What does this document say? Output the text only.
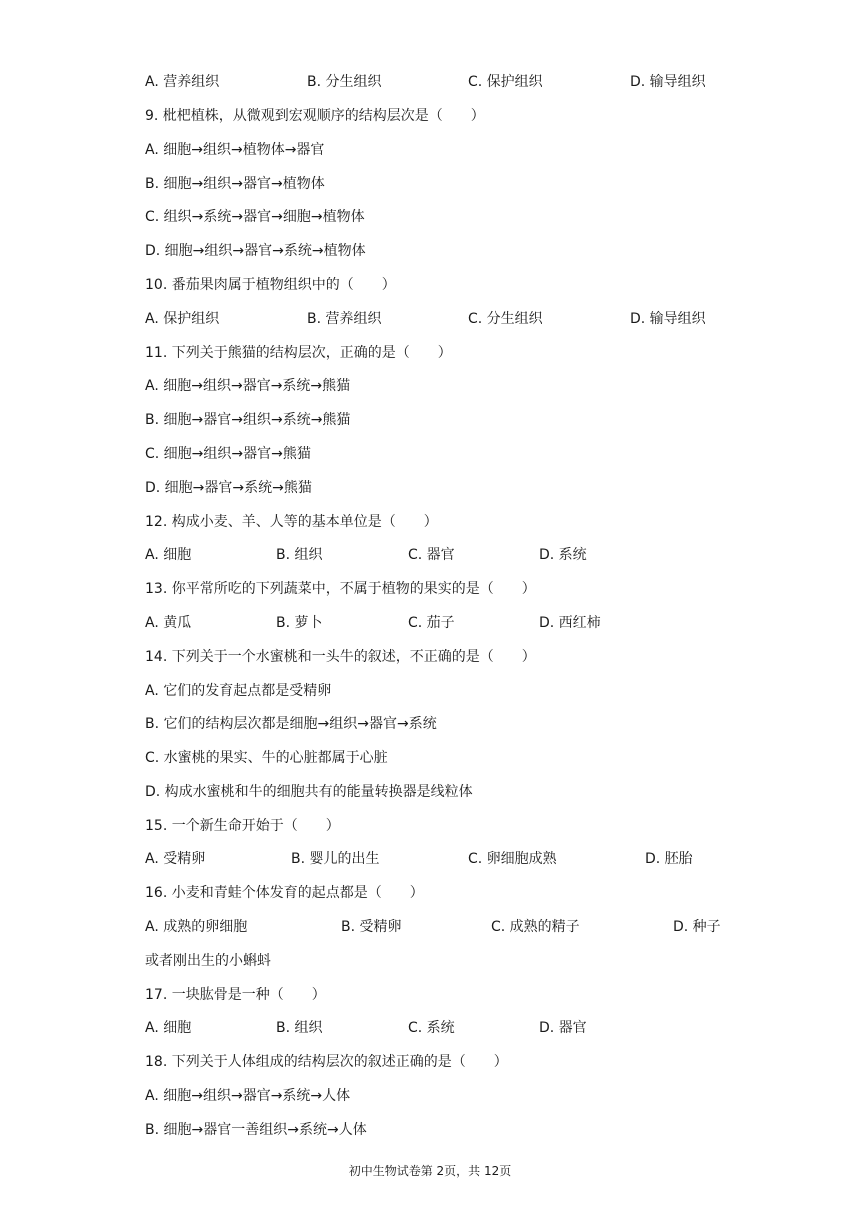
A. 营养组织	B. 分生组织	C. 保护组织	D. 输导组织
9. 枇杷植株，从微观到宏观顺序的结构层次是（　　）
A. 细胞→组织→植物体→器官
B. 细胞→组织→器官→植物体
C. 组织→系统→器官→细胞→植物体
D. 细胞→组织→器官→系统→植物体
10. 番茄果肉属于植物组织中的（　　）
A. 保护组织	B. 营养组织	C. 分生组织	D. 输导组织
11. 下列关于熊猫的结构层次，正确的是（　　）
A. 细胞→组织→器官→系统→熊猫
B. 细胞→器官→组织→系统→熊猫
C. 细胞→组织→器官→熊猫
D. 细胞→器官→系统→熊猫
12. 构成小麦、羊、人等的基本单位是（　　）
A. 细胞	B. 组织	C. 器官	D. 系统
13. 你平常所吃的下列蔬菜中，不属于植物的果实的是（　　）
A. 黄瓜	B. 萝卜	C. 茄子	D. 西红柿
14. 下列关于一个水蜜桃和一头牛的叙述，不正确的是（　　）
A. 它们的发育起点都是受精卵
B. 它们的结构层次都是细胞→组织→器官→系统
C. 水蜜桃的果实、牛的心脏都属于心脏
D. 构成水蜜桃和牛的细胞共有的能量转换器是线粒体
15. 一个新生命开始于（　　）
A. 受精卵	B. 婴儿的出生	C. 卵细胞成熟	D. 胚胎
16. 小麦和青蛙个体发育的起点都是（　　）
A. 成熟的卵细胞	B. 受精卵	C. 成熟的精子	D. 种子
或者刚出生的小蝌蚪
17. 一块肱骨是一种（　　）
A. 细胞	B. 组织	C. 系统	D. 器官
18. 下列关于人体组成的结构层次的叙述正确的是（　　）
A. 细胞→组织→器官→系统→人体
B. 细胞→器官一善组织→系统→人体
初中生物试卷第 2页，共 12页
